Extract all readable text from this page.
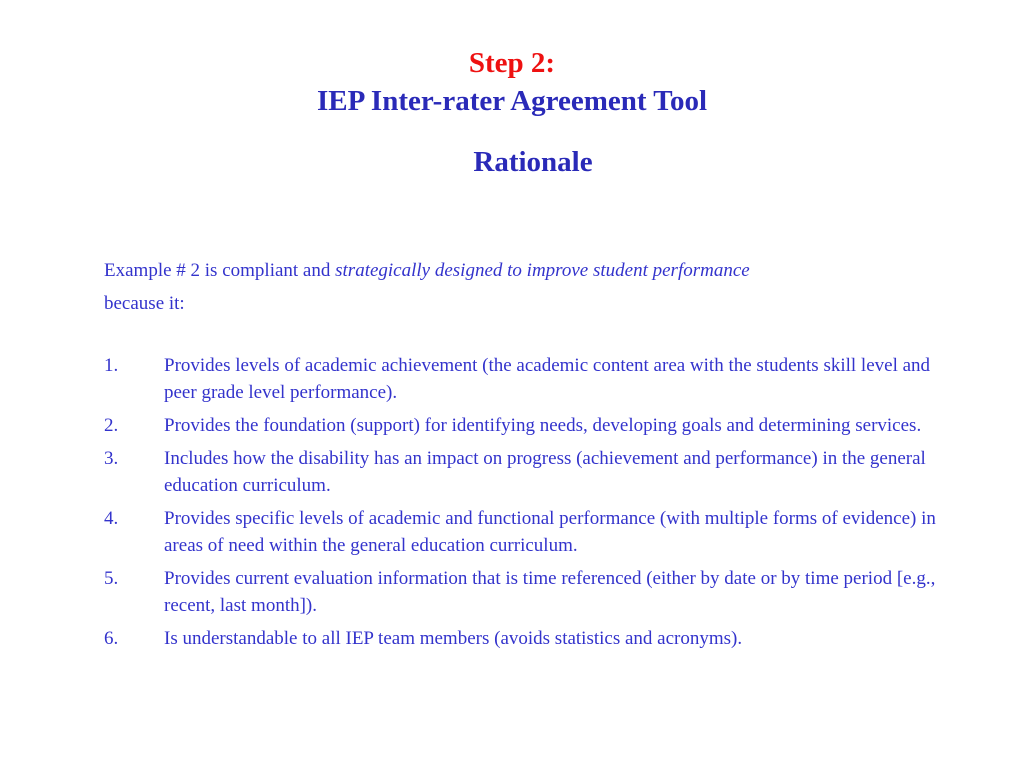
Step 2:
IEP Inter-rater Agreement Tool
Rationale
Example # 2 is compliant and strategically designed to improve student performance
because it:
1. Provides levels of academic achievement (the academic content area with the students skill level and peer grade level performance).
2. Provides the foundation (support) for identifying needs, developing goals and determining services.
3. Includes how the disability has an impact on progress (achievement and performance) in the general education curriculum.
4. Provides specific levels of academic and functional performance (with multiple forms of evidence) in areas of need within the general education curriculum.
5. Provides current evaluation information that is time referenced (either by date or by time period [e.g., recent, last month]).
6. Is understandable to all IEP team members (avoids statistics and acronyms).
